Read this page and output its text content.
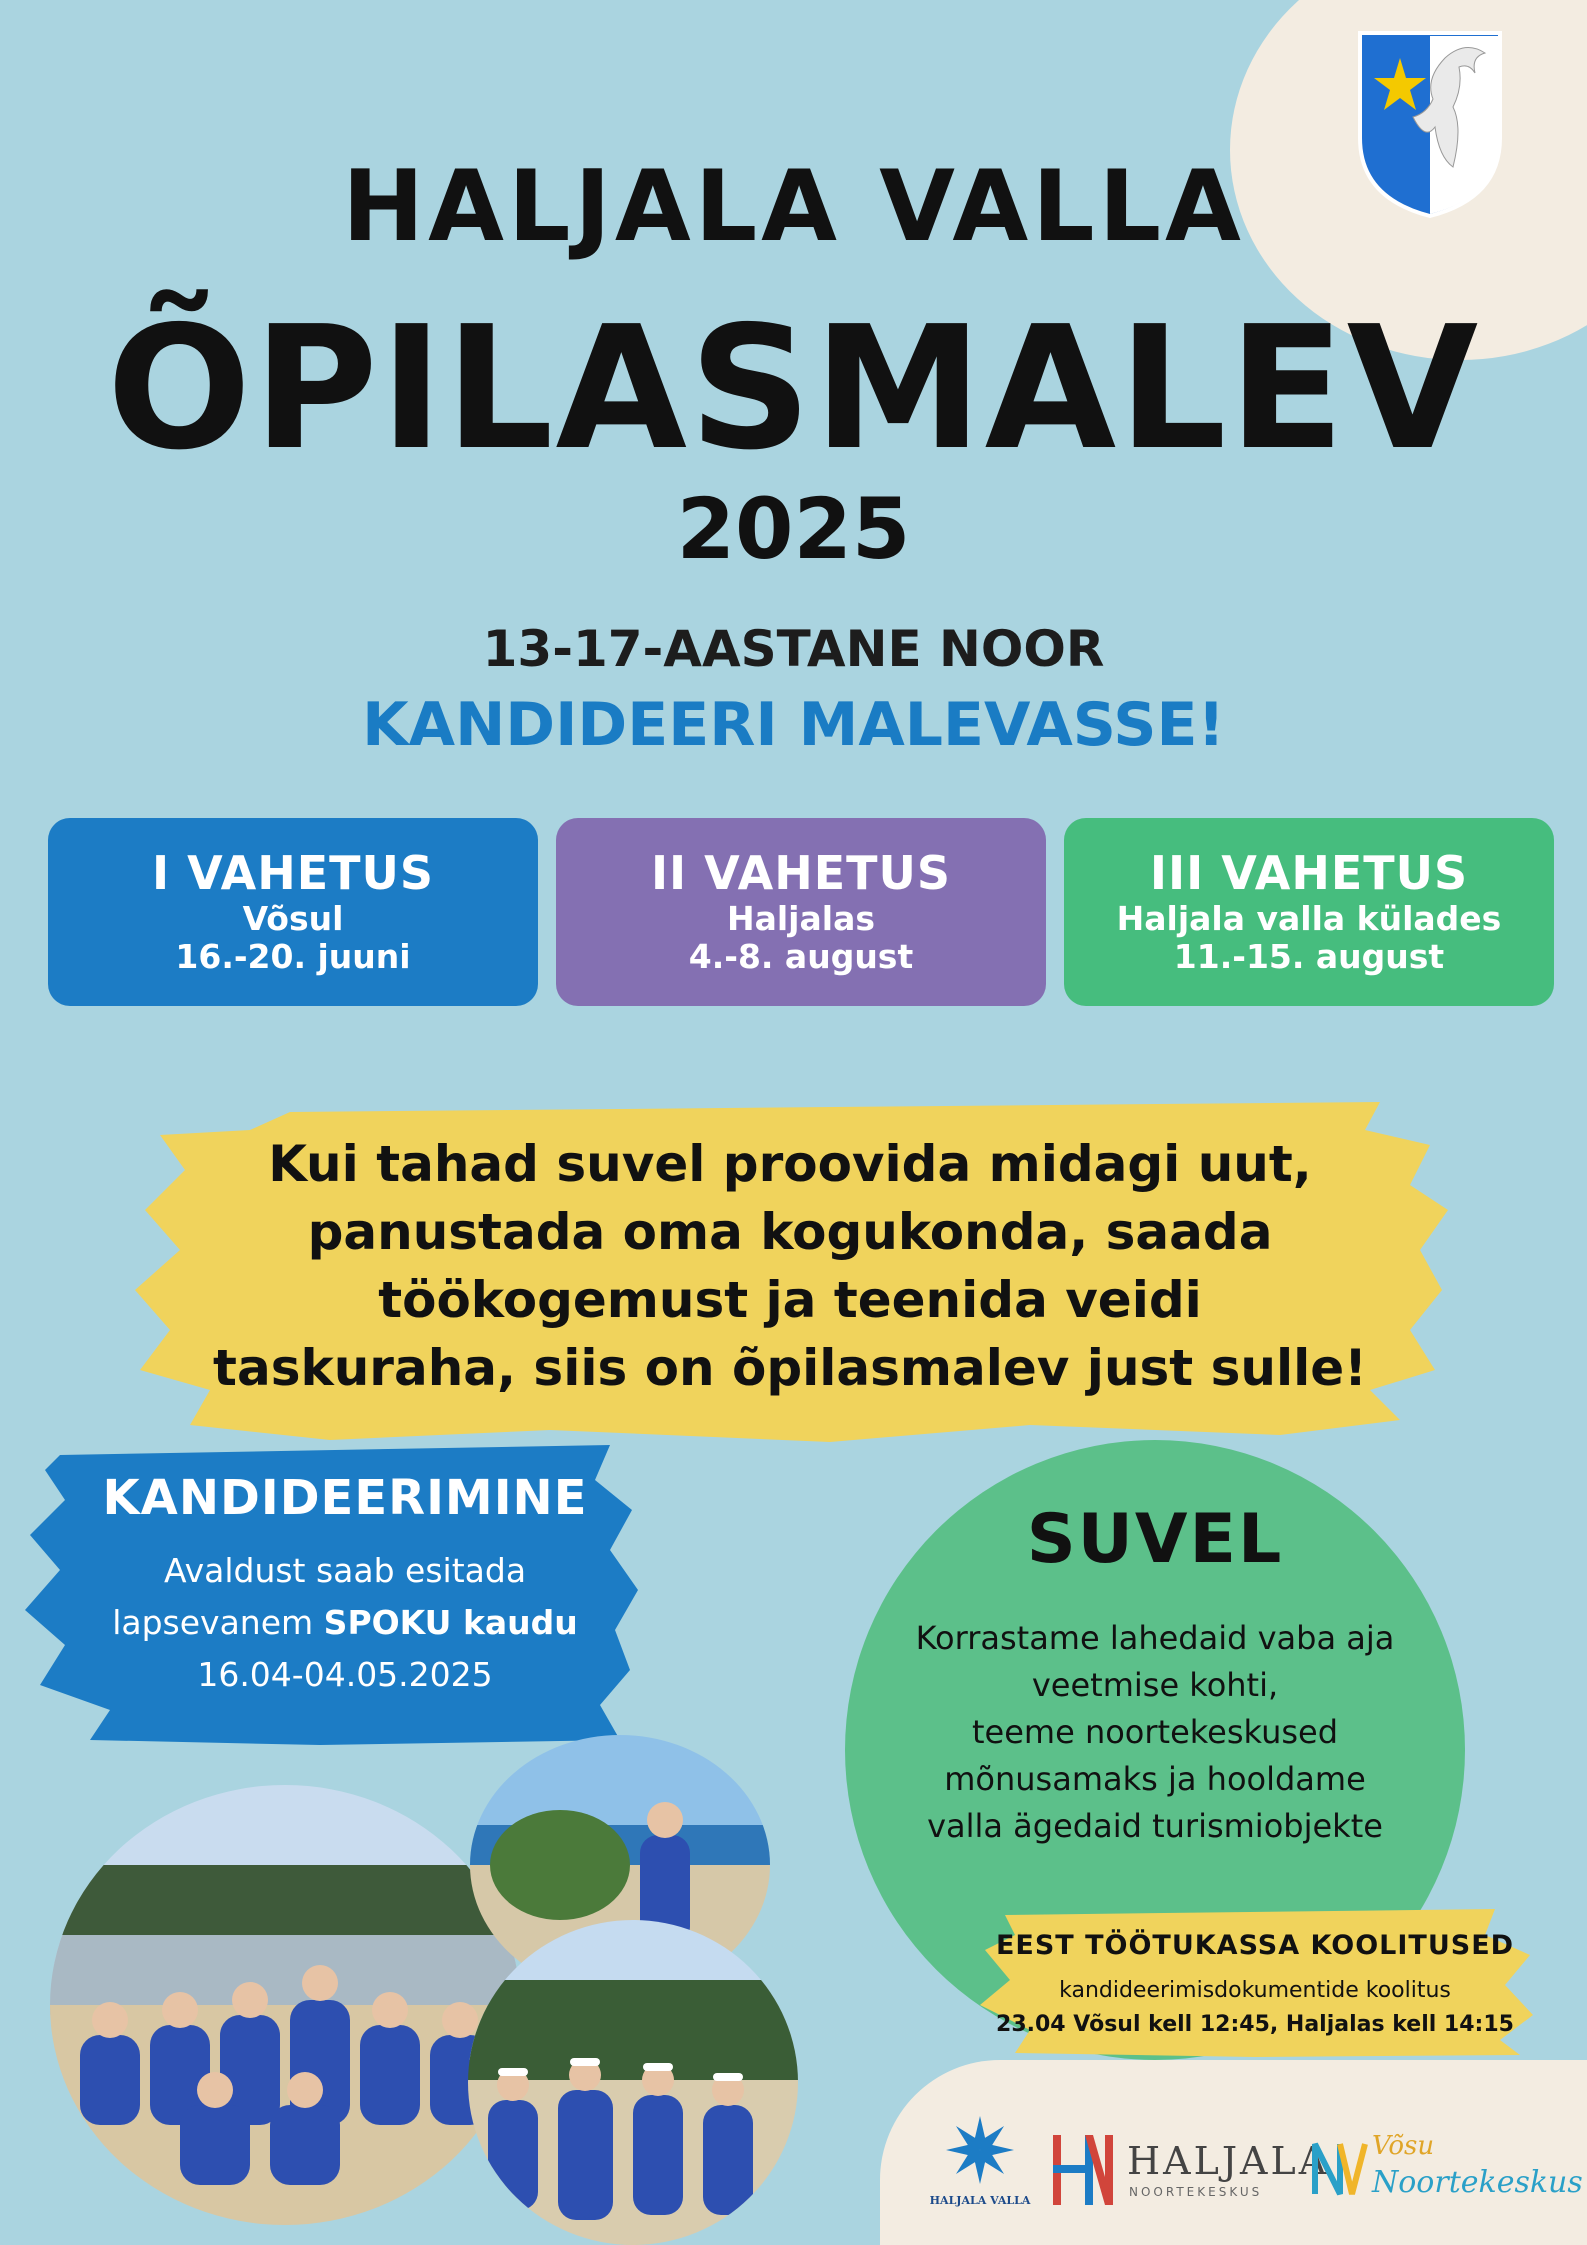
HALJALA VALLA
ÕPILASMALEV
2025
13-17-AASTANE NOOR
KANDIDEERI MALEVASSE!
I VAHETUS
Võsul
16.-20. juuni
II VAHETUS
Haljalas
4.-8. august
III VAHETUS
Haljala valla külades
11.-15. august
Kui tahad suvel proovida midagi uut,
panustada oma kogukonda, saada
töökogemust ja teenida veidi
taskuraha, siis on õpilasmalev just sulle!
KANDIDEERIMINE
Avaldust saab esitada
lapsevanem SPOKU kaudu
16.04-04.05.2025
SUVEL
Korrastame lahedaid vaba aja
veetmise kohti,
teeme noortekeskused
mõnusamaks ja hooldame
valla ägedaid turismiobjekte
EEST TÖÖTUKASSA KOOLITUSED
kandideerimisdokumentide koolitus
23.04 Võsul kell 12:45, Haljalas kell 14:15
HALJALA VALLA
HALJALA
NOORTEKESKUS
Võsu
Noortekeskus
